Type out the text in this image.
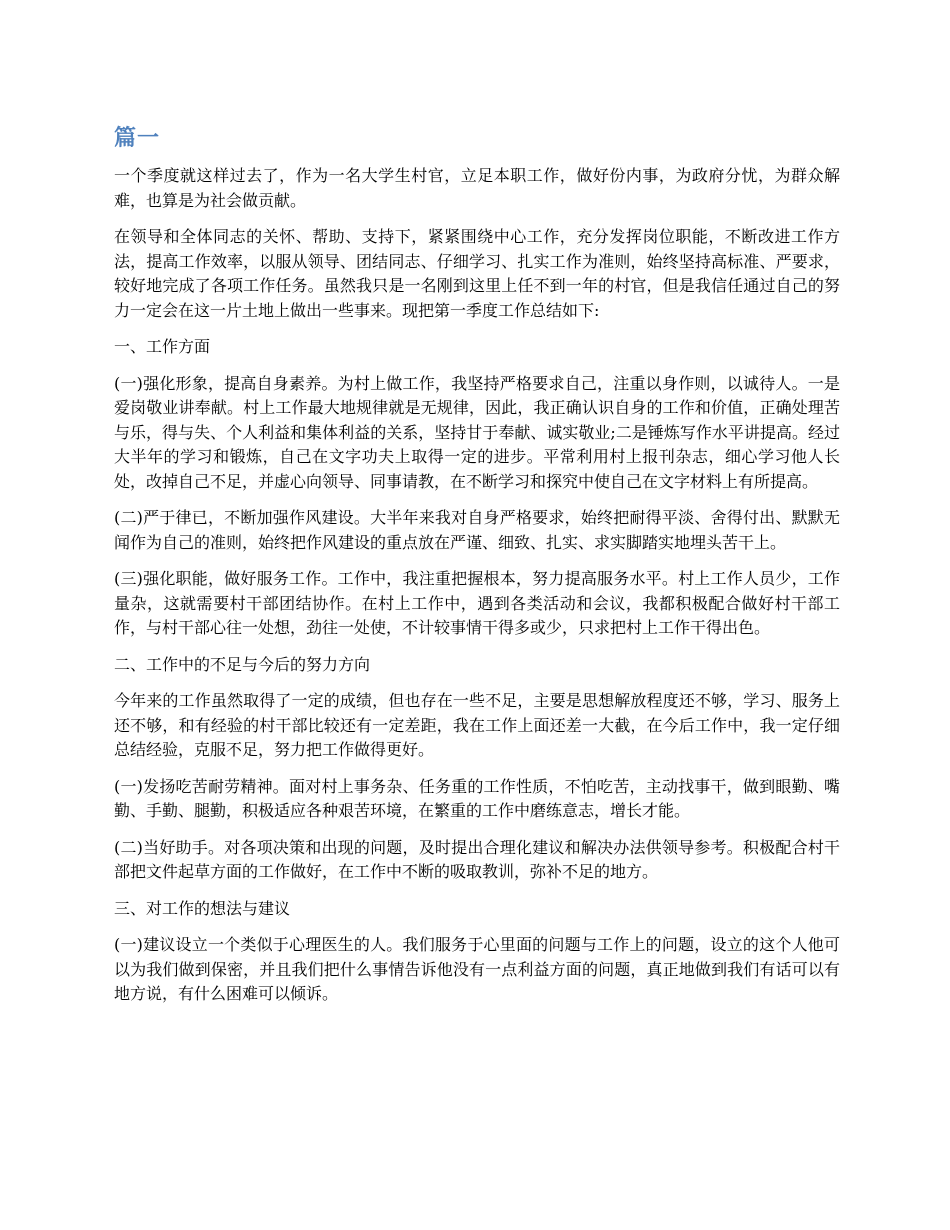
篇一

一个季度就这样过去了，作为一名大学生村官，立足本职工作，做好份内事，为政府分忧，为群众解难，也算是为社会做贡献。

在领导和全体同志的关怀、帮助、支持下，紧紧围绕中心工作，充分发挥岗位职能，不断改进工作方法，提高工作效率，以服从领导、团结同志、仔细学习、扎实工作为准则，始终坚持高标准、严要求，较好地完成了各项工作任务。虽然我只是一名刚到这里上任不到一年的村官，但是我信任通过自己的努力一定会在这一片土地上做出一些事来。现把第一季度工作总结如下:

一、工作方面

(一)强化形象，提高自身素养。为村上做工作，我坚持严格要求自己，注重以身作则，以诚待人。一是爱岗敬业讲奉献。村上工作最大地规律就是无规律，因此，我正确认识自身的工作和价值，正确处理苦与乐，得与失、个人利益和集体利益的关系，坚持甘于奉献、诚实敬业;二是锤炼写作水平讲提高。经过大半年的学习和锻炼，自己在文字功夫上取得一定的进步。平常利用村上报刊杂志，细心学习他人长处，改掉自己不足，并虚心向领导、同事请教，在不断学习和探究中使自己在文字材料上有所提高。

(二)严于律已，不断加强作风建设。大半年来我对自身严格要求，始终把耐得平淡、舍得付出、默默无闻作为自己的准则，始终把作风建设的重点放在严谨、细致、扎实、求实脚踏实地埋头苦干上。

(三)强化职能，做好服务工作。工作中，我注重把握根本，努力提高服务水平。村上工作人员少，工作量杂，这就需要村干部团结协作。在村上工作中，遇到各类活动和会议，我都积极配合做好村干部工作，与村干部心往一处想，劲往一处使，不计较事情干得多或少，只求把村上工作干得出色。

二、工作中的不足与今后的努力方向

今年来的工作虽然取得了一定的成绩，但也存在一些不足，主要是思想解放程度还不够，学习、服务上还不够，和有经验的村干部比较还有一定差距，我在工作上面还差一大截，在今后工作中，我一定仔细总结经验，克服不足，努力把工作做得更好。

(一)发扬吃苦耐劳精神。面对村上事务杂、任务重的工作性质，不怕吃苦，主动找事干，做到眼勤、嘴勤、手勤、腿勤，积极适应各种艰苦环境，在繁重的工作中磨练意志，增长才能。

(二)当好助手。对各项决策和出现的问题，及时提出合理化建议和解决办法供领导参考。积极配合村干部把文件起草方面的工作做好，在工作中不断的吸取教训，弥补不足的地方。

三、对工作的想法与建议

(一)建议设立一个类似于心理医生的人。我们服务于心里面的问题与工作上的问题，设立的这个人他可以为我们做到保密，并且我们把什么事情告诉他没有一点利益方面的问题，真正地做到我们有话可以有地方说，有什么困难可以倾诉。
